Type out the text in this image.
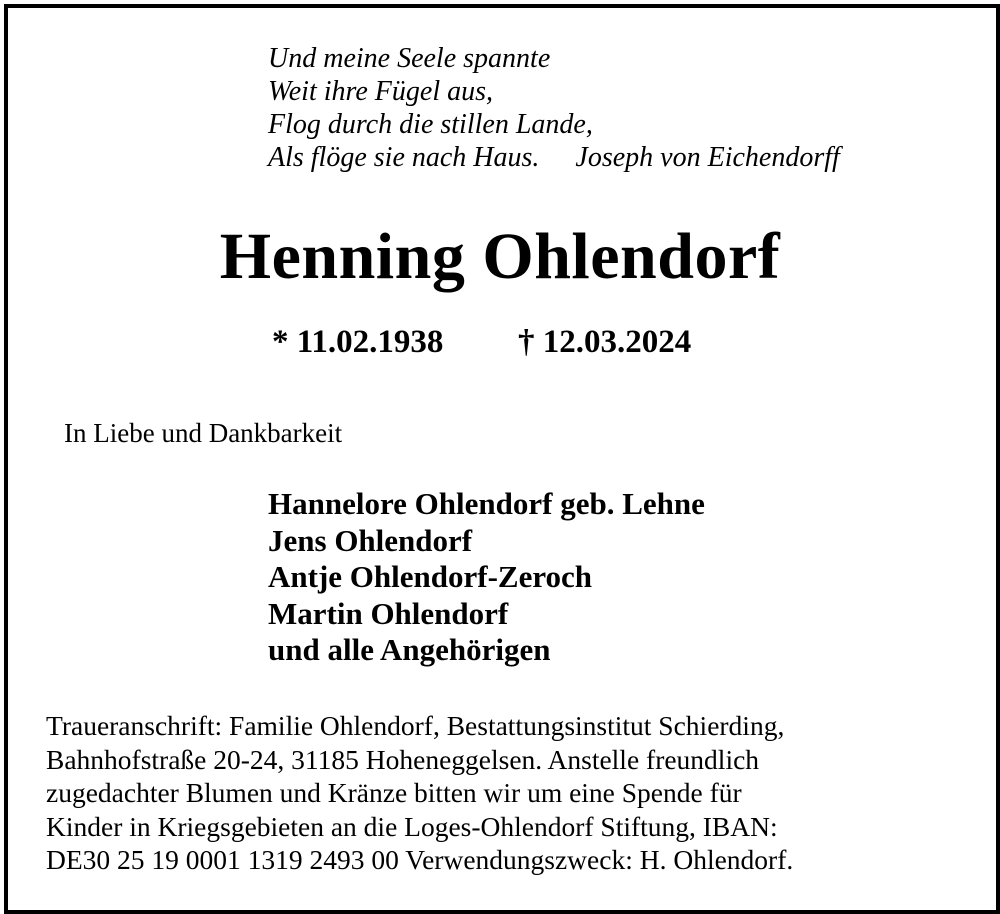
Und meine Seele spannte
Weit ihre Fügel aus,
Flog durch die stillen Lande,
Als flöge sie nach Haus. Joseph von Eichendorff
Henning Ohlendorf
* 11.02.1938 † 12.03.2024
In Liebe und Dankbarkeit
Hannelore Ohlendorf geb. Lehne
Jens Ohlendorf
Antje Ohlendorf-Zeroch
Martin Ohlendorf
und alle Angehörigen
Traueranschrift: Familie Ohlendorf, Bestattungsinstitut Schierding,
Bahnhofstraße 20-24, 31185 Hoheneggelsen. Anstelle freundlich
zugedachter Blumen und Kränze bitten wir um eine Spende für
Kinder in Kriegsgebieten an die Loges-Ohlendorf Stiftung, IBAN:
DE30 25 19 0001 1319 2493 00 Verwendungszweck: H. Ohlendorf.
